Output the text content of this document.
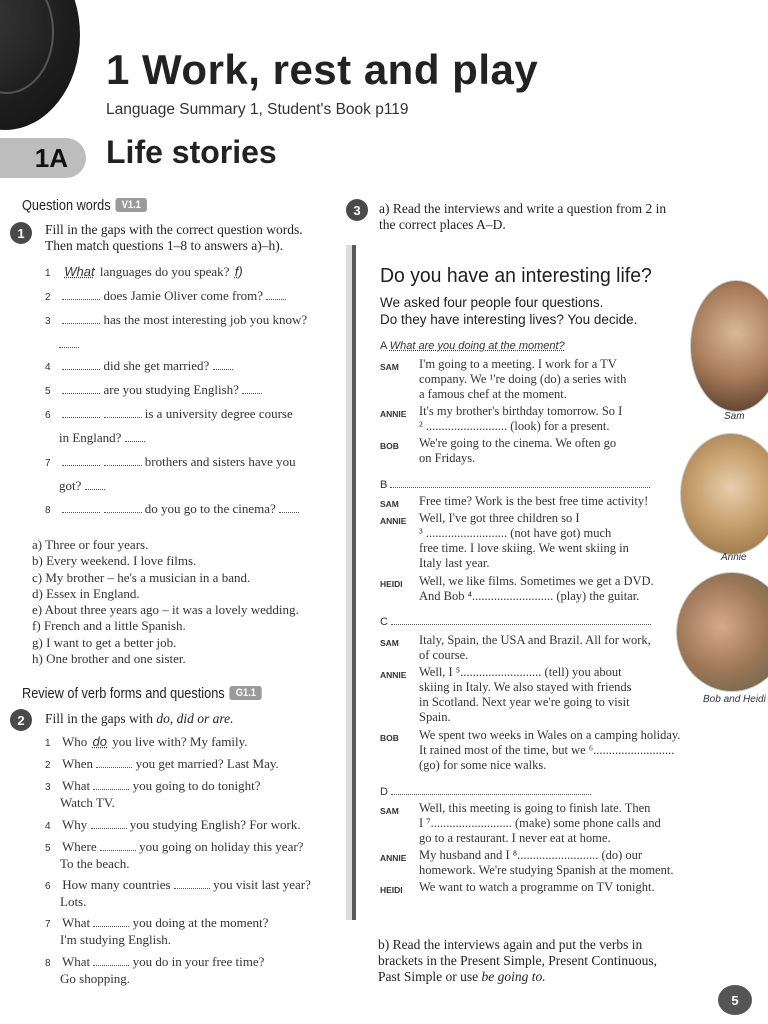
1 Work, rest and play
Language Summary 1, Student's Book p119
1A	Life stories
Question words V1.1
1	Fill in the gaps with the correct question words.
Then match questions 1–8 to answers a)–h).
1 What languages do you speak? f)
2	does Jamie Oliver come from?
3	has the most interesting job you know?
4	did she get married?
5	are you studying English?
6	is a university degree course
in England?
7	brothers and sisters have you
got?
8	do you go to the cinema?
a) Three or four years.
b) Every weekend. I love films.
c) My brother – he's a musician in a band.
d) Essex in England.
e) About three years ago – it was a lovely wedding.
f) French and a little Spanish.
g) I want to get a better job.
h) One brother and one sister.
Review of verb forms and questions G1.1
2	Fill in the gaps with do, did or are.
1 Who do you live with? My family.
2 When	you get married? Last May.
3 What	you going to do tonight?
Watch TV.
4 Why	you studying English? For work.
5 Where	you going on holiday this year?
To the beach.
6 How many countries	you visit last year?
Lots.
7 What	you doing at the moment?
I'm studying English.
8 What	you do in your free time?
Go shopping.
3	a) Read the interviews and write a question from 2 in
the correct places A–D.
Do you have an interesting life?
We asked four people four questions.
Do they have interesting lives? You decide.
Sam
Annie
Bob and Heidi
A What are you doing at the moment?
SAM I'm going to a meeting. I work for a TV
company. We ¹'re doing (do) a series with
a famous chef at the moment.
ANNIE It's my brother's birthday tomorrow. So I
² .......................... (look) for a present.
BOB We're going to the cinema. We often go
on Fridays.
B
SAM Free time? Work is the best free time activity!
ANNIE Well, I've got three children so I
³ .......................... (not have got) much
free time. I love skiing. We went skiing in
Italy last year.
HEIDI Well, we like films. Sometimes we get a DVD.
And Bob ⁴.......................... (play) the guitar.
C
SAM Italy, Spain, the USA and Brazil. All for work,
of course.
ANNIE Well, I ⁵.......................... (tell) you about
skiing in Italy. We also stayed with friends
in Scotland. Next year we're going to visit
Spain.
BOB We spent two weeks in Wales on a camping holiday.
It rained most of the time, but we ⁶..........................
(go) for some nice walks.
D
SAM Well, this meeting is going to finish late. Then
I ⁷.......................... (make) some phone calls and
go to a restaurant. I never eat at home.
ANNIE My husband and I ⁸.......................... (do) our
homework. We're studying Spanish at the moment.
HEIDI We want to watch a programme on TV tonight.
b) Read the interviews again and put the verbs in
brackets in the Present Simple, Present Continuous,
Past Simple or use be going to.
5
